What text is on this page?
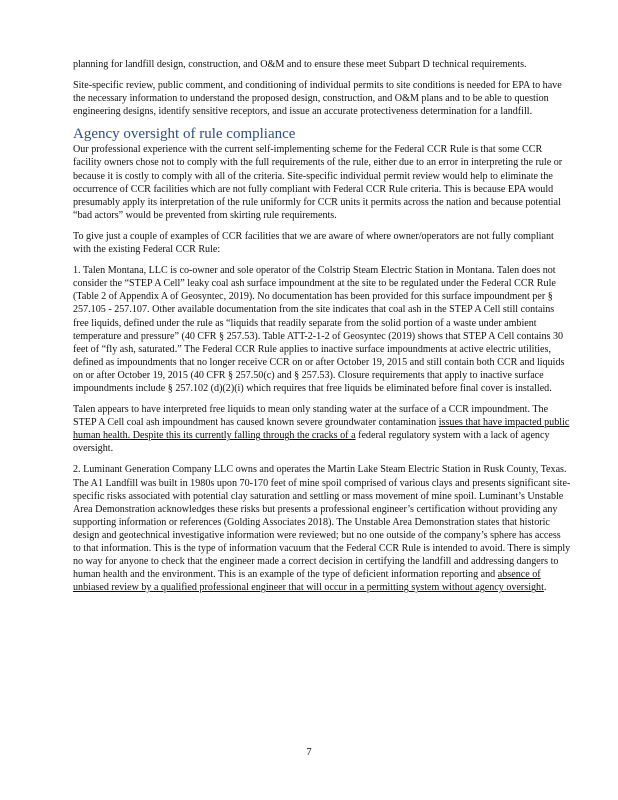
planning for landfill design, construction, and O&M and to ensure these meet Subpart D technical requirements.

Site-specific review, public comment, and conditioning of individual permits to site conditions is needed for EPA to have the necessary information to understand the proposed design, construction, and O&M plans and to be able to question engineering designs, identify sensitive receptors, and issue an accurate protectiveness determination for a landfill.

Agency oversight of rule compliance

Our professional experience with the current self-implementing scheme for the Federal CCR Rule is that some CCR facility owners chose not to comply with the full requirements of the rule, either due to an error in interpreting the rule or because it is costly to comply with all of the criteria. Site-specific individual permit review would help to eliminate the occurrence of CCR facilities which are not fully compliant with Federal CCR Rule criteria. This is because EPA would presumably apply its interpretation of the rule uniformly for CCR units it permits across the nation and because potential “bad actors” would be prevented from skirting rule requirements.

To give just a couple of examples of CCR facilities that we are aware of where owner/operators are not fully compliant with the existing Federal CCR Rule:

1. Talen Montana, LLC is co-owner and sole operator of the Colstrip Steam Electric Station in Montana. Talen does not consider the “STEP A Cell” leaky coal ash surface impoundment at the site to be regulated under the Federal CCR Rule (Table 2 of Appendix A of Geosyntec, 2019). No documentation has been provided for this surface impoundment per § 257.105 - 257.107. Other available documentation from the site indicates that coal ash in the STEP A Cell still contains free liquids, defined under the rule as “liquids that readily separate from the solid portion of a waste under ambient temperature and pressure” (40 CFR § 257.53). Table ATT-2-1-2 of Geosyntec (2019) shows that STEP A Cell contains 30 feet of “fly ash, saturated.” The Federal CCR Rule applies to inactive surface impoundments at active electric utilities, defined as impoundments that no longer receive CCR on or after October 19, 2015 and still contain both CCR and liquids on or after October 19, 2015 (40 CFR § 257.50(c) and § 257.53). Closure requirements that apply to inactive surface impoundments include § 257.102 (d)(2)(i) which requires that free liquids be eliminated before final cover is installed.

Talen appears to have interpreted free liquids to mean only standing water at the surface of a CCR impoundment. The STEP A Cell coal ash impoundment has caused known severe groundwater contamination issues that have impacted public human health. Despite this its currently falling through the cracks of a federal regulatory system with a lack of agency oversight.

2. Luminant Generation Company LLC owns and operates the Martin Lake Steam Electric Station in Rusk County, Texas. The A1 Landfill was built in 1980s upon 70-170 feet of mine spoil comprised of various clays and presents significant site-specific risks associated with potential clay saturation and settling or mass movement of mine spoil. Luminant’s Unstable Area Demonstration acknowledges these risks but presents a professional engineer’s certification without providing any supporting information or references (Golding Associates 2018). The Unstable Area Demonstration states that historic design and geotechnical investigative information were reviewed; but no one outside of the company’s sphere has access to that information. This is the type of information vacuum that the Federal CCR Rule is intended to avoid. There is simply no way for anyone to check that the engineer made a correct decision in certifying the landfill and addressing dangers to human health and the environment. This is an example of the type of deficient information reporting and absence of unbiased review by a qualified professional engineer that will occur in a permitting system without agency oversight.

7
